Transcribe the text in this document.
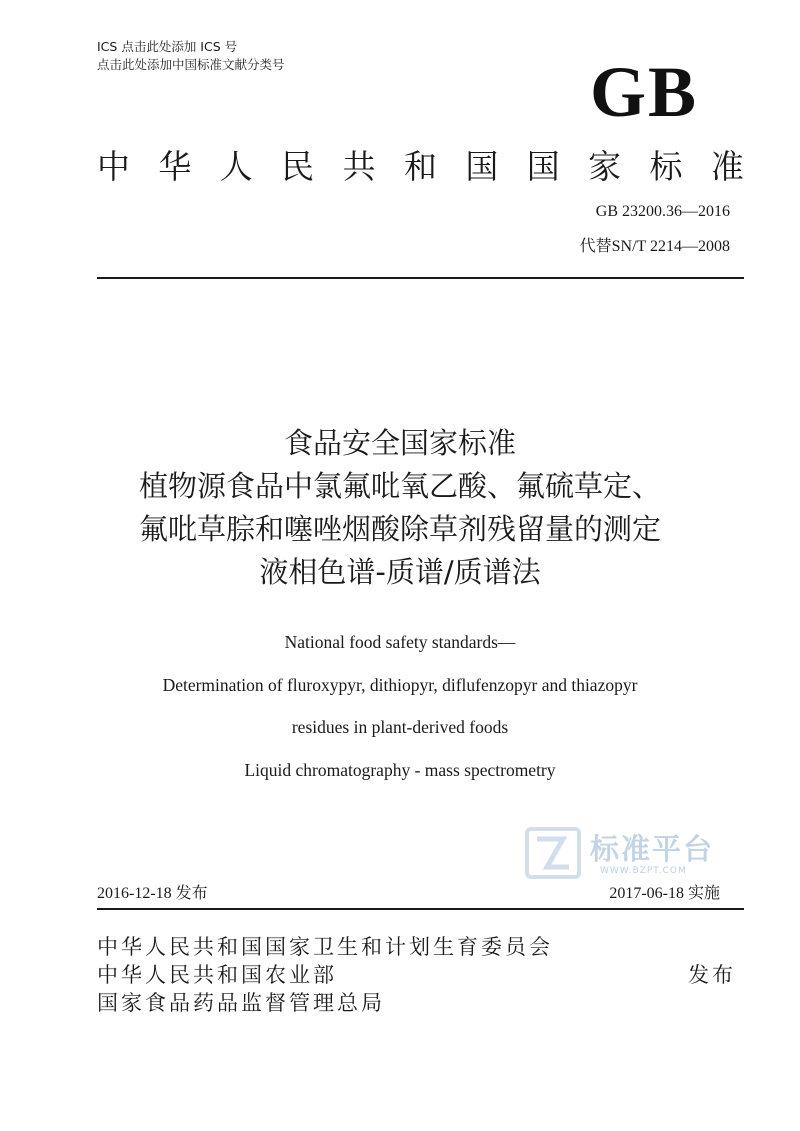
ICS 点击此处添加 ICS 号
点击此处添加中国标准文献分类号	GB
中 华 人 民 共 和 国 国 家 标 准
GB 23200.36—2016
代替SN/T 2214—2008
食品安全国家标准
植物源食品中氯氟吡氧乙酸、氟硫草定、
氟吡草腙和噻唑烟酸除草剂残留量的测定
液相色谱-质谱/质谱法
National food safety standards—
Determination of fluroxypyr, dithiopyr, diflufenzopyr and thiazopyr
residues in plant-derived foods
Liquid chromatography - mass spectrometry
标准平台
WWW.BZPT.COM
2016-12-18 发布	2017-06-18 实施
中华人民共和国国家卫生和计划生育委员会
中华人民共和国农业部
国家食品药品监督管理总局
发布
